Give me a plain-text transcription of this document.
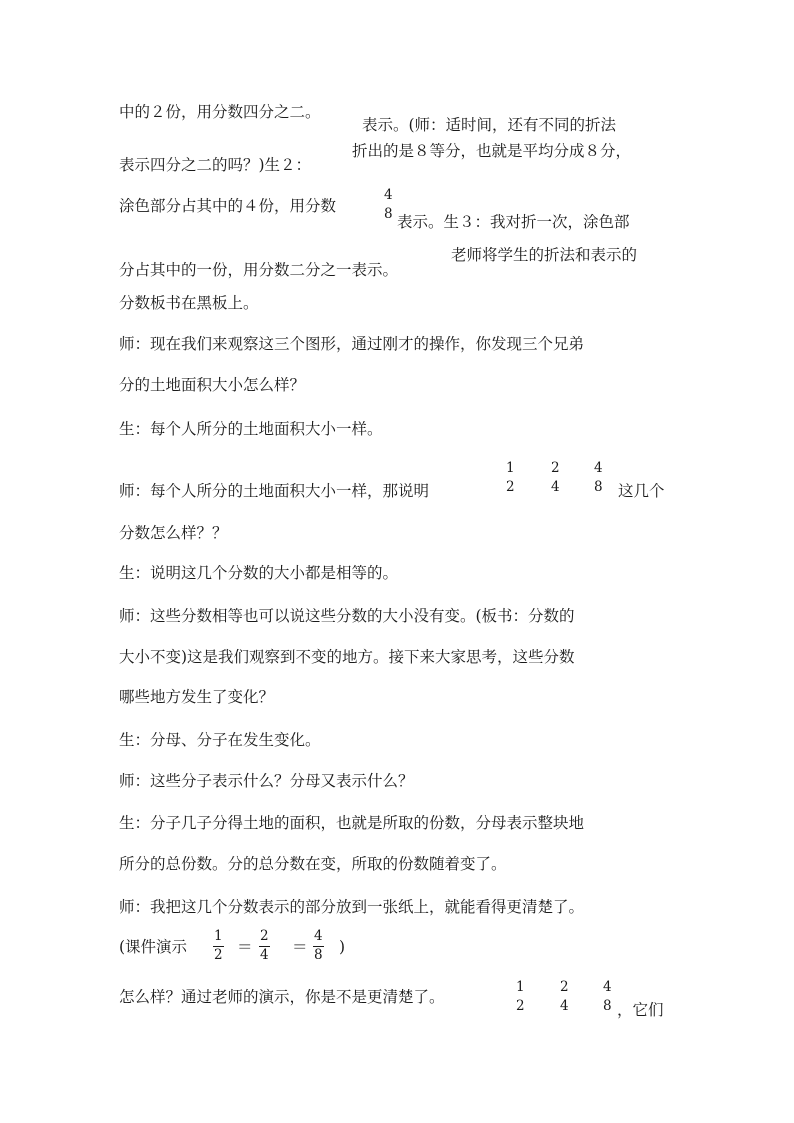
中的２份，用分数四分之二。
表示。(师：适时间，还有不同的折法
表示四分之二的吗？)生２：
折出的是８等分，也就是平均分成８分，
涂色部分占其中的４份，用分数
4
8 表示。生３：我对折一次，涂色部
分占其中的一份，用分数二分之一表示。
老师将学生的折法和表示的
分数板书在黑板上。
师：现在我们来观察这三个图形，通过刚才的操作，你发现三个兄弟
分的土地面积大小怎么样？
生：每个人所分的土地面积大小一样。
师：每个人所分的土地面积大小一样，那说明
1
2
2
4
4
8 这几个
分数怎么样？？
生：说明这几个分数的大小都是相等的。
师：这些分数相等也可以说这些分数的大小没有变。(板书：分数的
大小不变)这是我们观察到不变的地方。接下来大家思考，这些分数
哪些地方发生了变化？
生：分母、分子在发生变化。
师：这些分子表示什么？分母又表示什么？
生：分子几子分得土地的面积，也就是所取的份数，分母表示整块地
所分的总份数。分的总分数在变，所取的份数随着变了。
师：我把这几个分数表示的部分放到一张纸上，就能看得更清楚了。
(课件演示 $\frac{1}{2} = \frac{2}{4} = \frac{4}{8}$ )
怎么样？通过老师的演示，你是不是更清楚了。
1
2
2
4
4
8 ，它们
